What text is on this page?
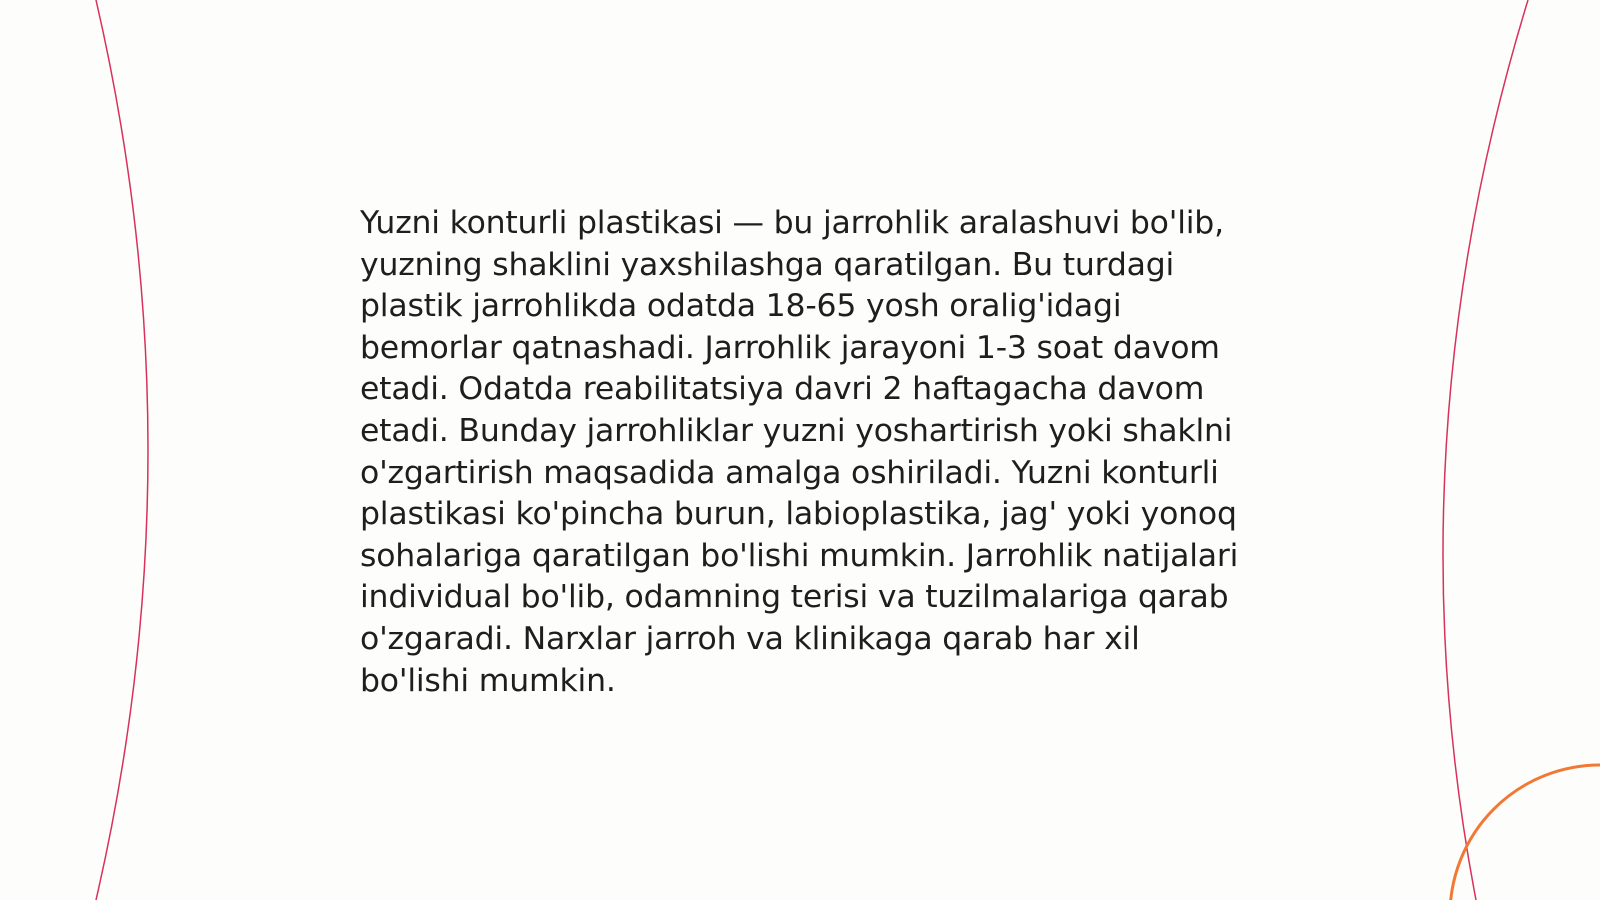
Yuzni konturli plastikasi — bu jarrohlik aralashuvi bo'lib, yuzning shaklini yaxshilashga qaratilgan. Bu turdagi plastik jarrohlikda odatda 18-65 yosh oralig'idagi bemorlar qatnashadi. Jarrohlik jarayoni 1-3 soat davom etadi. Odatda reabilitatsiya davri 2 haftagacha davom etadi. Bunday jarrohliklar yuzni yoshartirish yoki shaklni o'zgartirish maqsadida amalga oshiriladi. Yuzni konturli plastikasi ko'pincha burun, labioplastika, jag' yoki yonoq sohalariga qaratilgan bo'lishi mumkin. Jarrohlik natijalari individual bo'lib, odamning terisi va tuzilmalariga qarab o'zgaradi. Narxlar jarroh va klinikaga qarab har xil bo'lishi mumkin.
